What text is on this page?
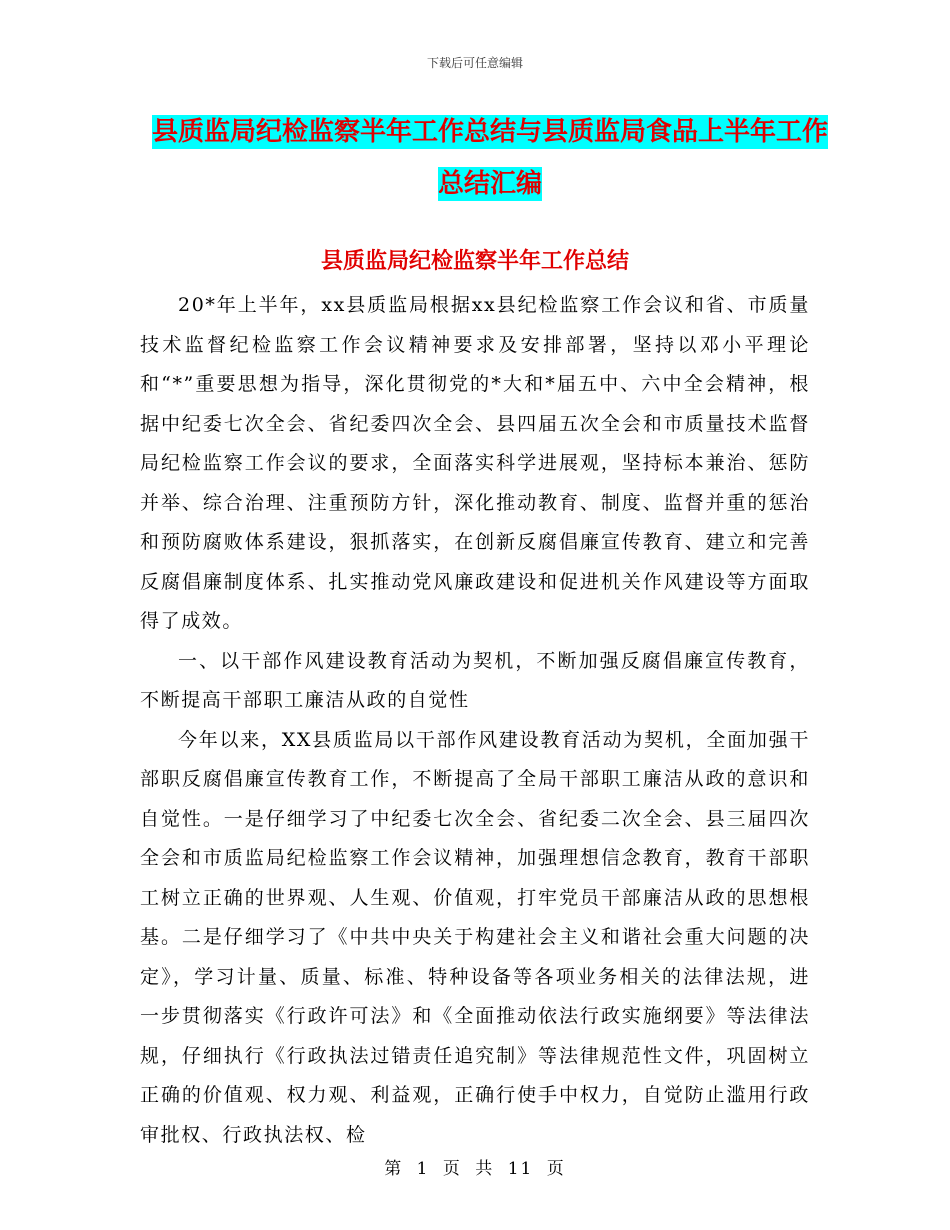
下载后可任意编辑
县质监局纪检监察半年工作总结与县质监局食品上半年工作总结汇编
县质监局纪检监察半年工作总结

20*年上半年，xx县质监局根据xx县纪检监察工作会议和省、市质量技术监督纪检监察工作会议精神要求及安排部署，坚持以邓小平理论和“*”重要思想为指导，深化贯彻党的*大和*届五中、六中全会精神，根据中纪委七次全会、省纪委四次全会、县四届五次全会和市质量技术监督局纪检监察工作会议的要求，全面落实科学进展观，坚持标本兼治、惩防并举、综合治理、注重预防方针，深化推动教育、制度、监督并重的惩治和预防腐败体系建设，狠抓落实，在创新反腐倡廉宣传教育、建立和完善反腐倡廉制度体系、扎实推动党风廉政建设和促进机关作风建设等方面取得了成效。

一、以干部作风建设教育活动为契机，不断加强反腐倡廉宣传教育，不断提高干部职工廉洁从政的自觉性

今年以来，XX县质监局以干部作风建设教育活动为契机，全面加强干部职反腐倡廉宣传教育工作，不断提高了全局干部职工廉洁从政的意识和自觉性。一是仔细学习了中纪委七次全会、省纪委二次全会、县三届四次全会和市质监局纪检监察工作会议精神，加强理想信念教育，教育干部职工树立正确的世界观、人生观、价值观，打牢党员干部廉洁从政的思想根基。二是仔细学习了《中共中央关于构建社会主义和谐社会重大问题的决定》，学习计量、质量、标准、特种设备等各项业务相关的法律法规，进一步贯彻落实《行政许可法》和《全面推动依法行政实施纲要》等法律法规，仔细执行《行政执法过错责任追究制》等法律规范性文件，巩固树立正确的价值观、权力观、利益观，正确行使手中权力，自觉防止滥用行政审批权、行政执法权、检

第 1 页 共 11 页
